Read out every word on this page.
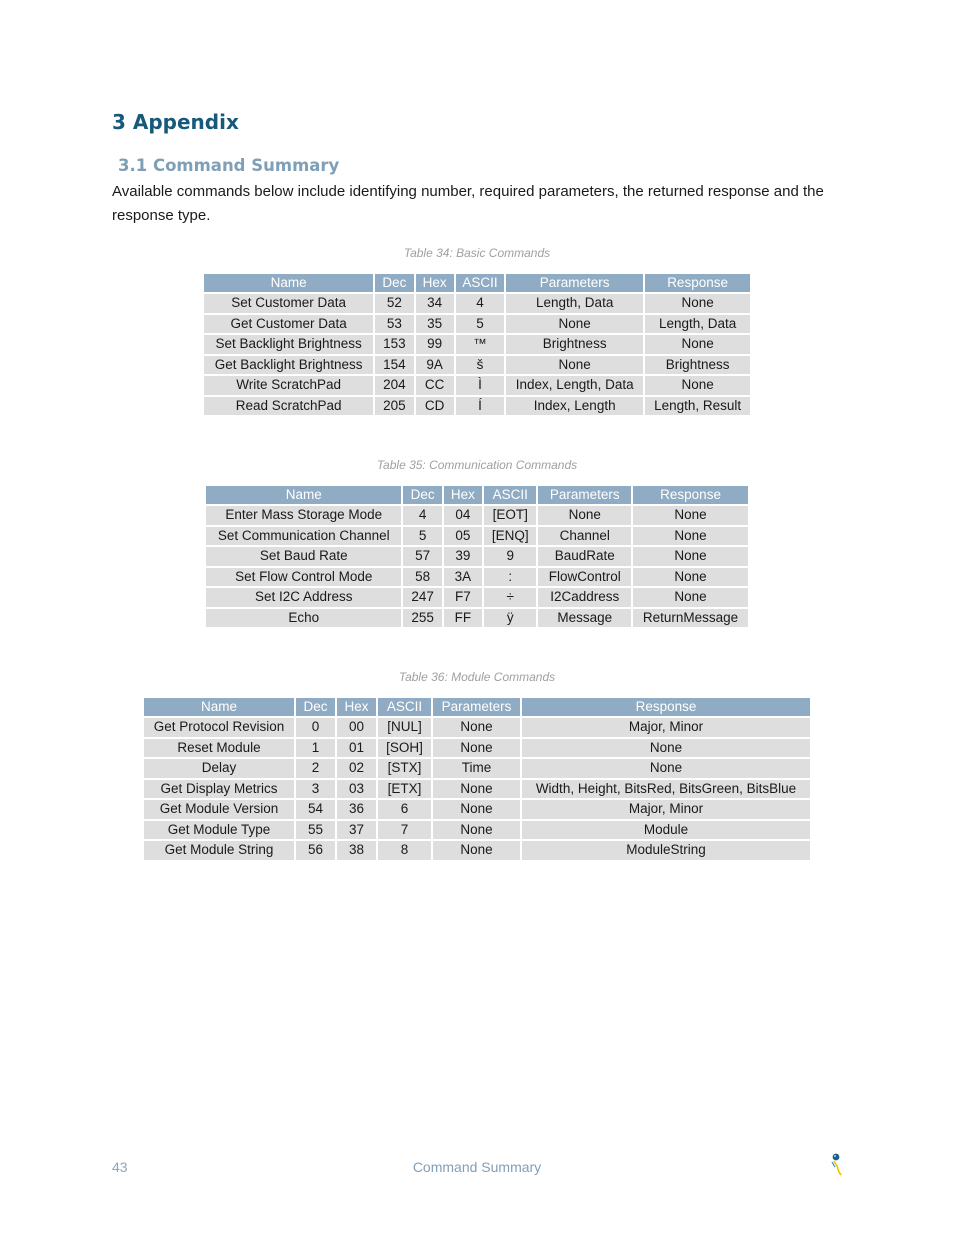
3 Appendix
3.1 Command Summary

Available commands below include identifying number, required parameters, the returned response and the response type.

Table 34: Basic Commands
Name	Dec	Hex	ASCII	Parameters	Response
Set Customer Data	52	34	4	Length, Data	None
Get Customer Data	53	35	5	None	Length, Data
Set Backlight Brightness	153	99	™	Brightness	None
Get Backlight Brightness	154	9A	š	None	Brightness
Write ScratchPad	204	CC	Ì	Index, Length, Data	None
Read ScratchPad	205	CD	Í	Index, Length	Length, Result
Table 35: Communication Commands
Name	Dec	Hex	ASCII	Parameters	Response
Enter Mass Storage Mode	4	04	[EOT]	None	None
Set Communication Channel	5	05	[ENQ]	Channel	None
Set Baud Rate	57	39	9	BaudRate	None
Set Flow Control Mode	58	3A	:	FlowControl	None
Set I2C Address	247	F7	÷	I2Caddress	None
Echo	255	FF	ÿ	Message	ReturnMessage
Table 36: Module Commands
Name	Dec	Hex	ASCII	Parameters	Response
Get Protocol Revision	0	00	[NUL]	None	Major, Minor
Reset Module	1	01	[SOH]	None	None
Delay	2	02	[STX]	Time	None
Get Display Metrics	3	03	[ETX]	None	Width, Height, BitsRed, BitsGreen, BitsBlue
Get Module Version	54	36	6	None	Major, Minor
Get Module Type	55	37	7	None	Module
Get Module String	56	38	8	None	ModuleString
43	Command Summary
